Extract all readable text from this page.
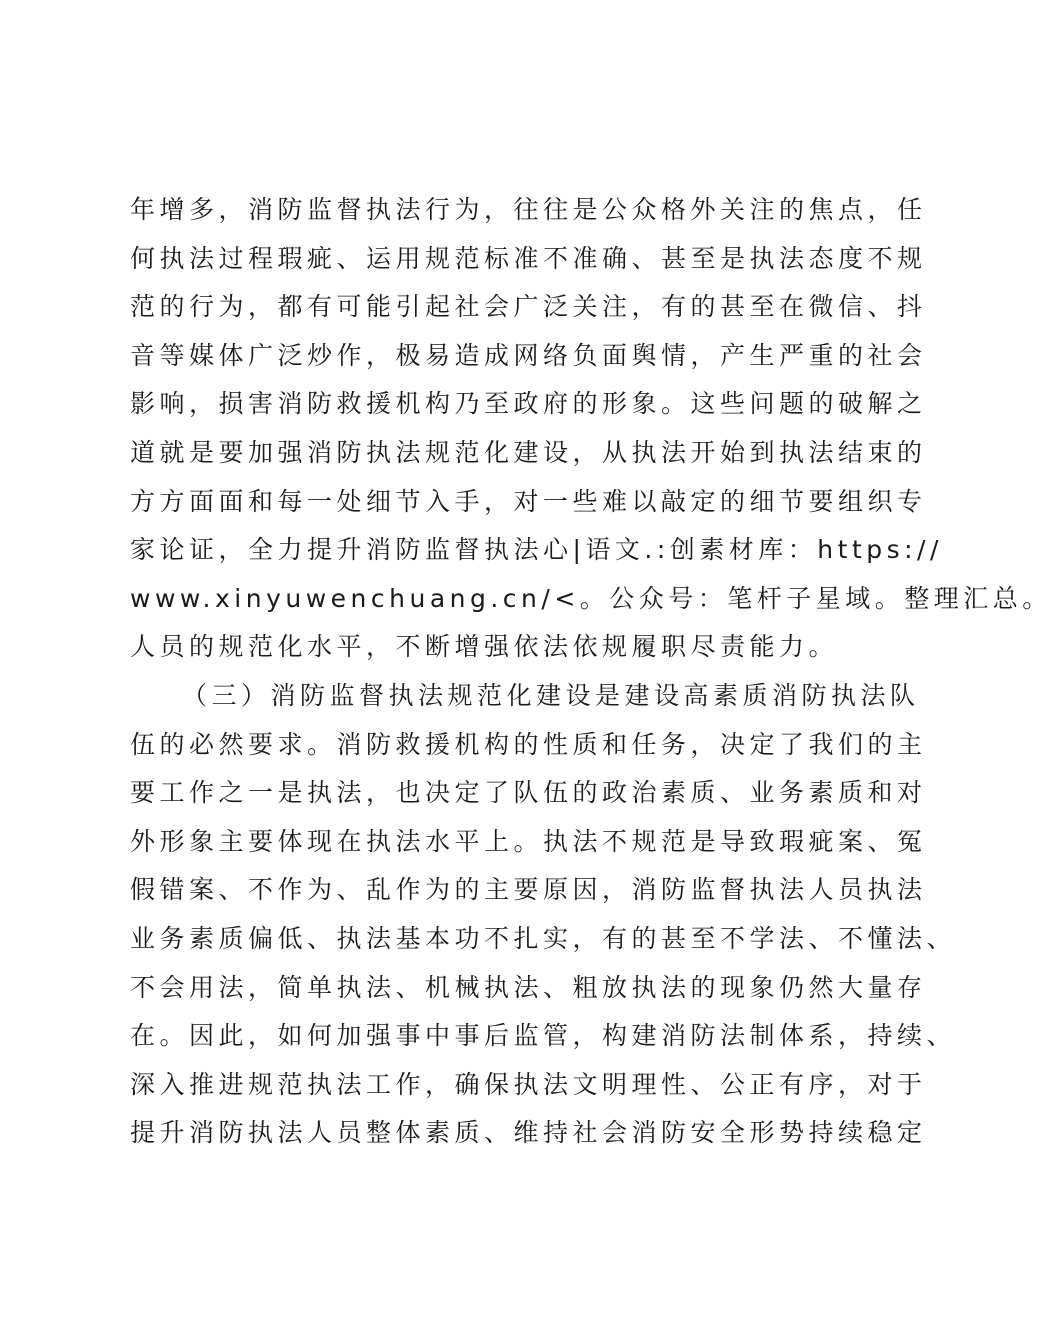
年增多，消防监督执法行为，往往是公众格外关注的焦点，任
何执法过程瑕疵、运用规范标准不准确、甚至是执法态度不规
范的行为，都有可能引起社会广泛关注，有的甚至在微信、抖
音等媒体广泛炒作，极易造成网络负面舆情，产生严重的社会
影响，损害消防救援机构乃至政府的形象。这些问题的破解之
道就是要加强消防执法规范化建设，从执法开始到执法结束的
方方面面和每一处细节入手，对一些难以敲定的细节要组织专
家论证，全力提升消防监督执法心|语文.:创素材库：https://
www.xinyuwenchuang.cn/<。公众号：笔杆子星域。整理汇总。
人员的规范化水平，不断增强依法依规履职尽责能力。
（三）消防监督执法规范化建设是建设高素质消防执法队
伍的必然要求。消防救援机构的性质和任务，决定了我们的主
要工作之一是执法，也决定了队伍的政治素质、业务素质和对
外形象主要体现在执法水平上。执法不规范是导致瑕疵案、冤
假错案、不作为、乱作为的主要原因，消防监督执法人员执法
业务素质偏低、执法基本功不扎实，有的甚至不学法、不懂法、
不会用法，简单执法、机械执法、粗放执法的现象仍然大量存
在。因此，如何加强事中事后监管，构建消防法制体系，持续、
深入推进规范执法工作，确保执法文明理性、公正有序，对于
提升消防执法人员整体素质、维持社会消防安全形势持续稳定
